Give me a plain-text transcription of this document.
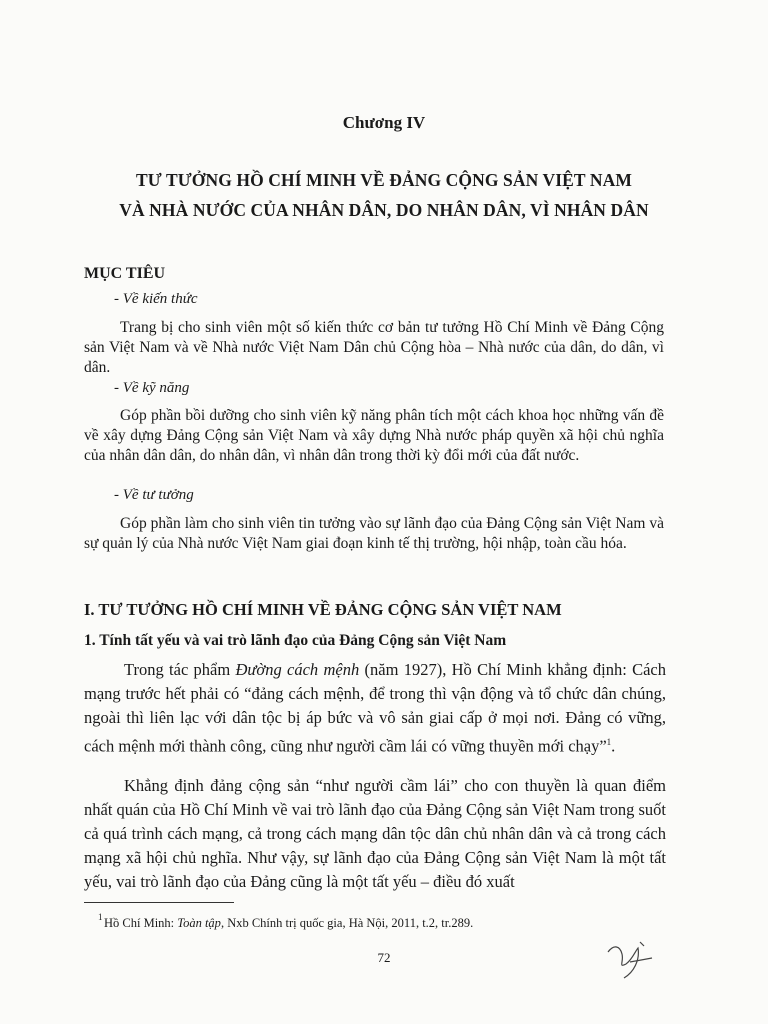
Chương IV
TƯ TƯỞNG HỒ CHÍ MINH VỀ ĐẢNG CỘNG SẢN VIỆT NAM
VÀ NHÀ NƯỚC CỦA NHÂN DÂN, DO NHÂN DÂN, VÌ NHÂN DÂN
MỤC TIÊU
- Về kiến thức

Trang bị cho sinh viên một số kiến thức cơ bản tư tưởng Hồ Chí Minh về Đảng Cộng sản Việt Nam và về Nhà nước Việt Nam Dân chủ Cộng hòa – Nhà nước của dân, do dân, vì dân.

- Về kỹ năng

Góp phần bồi dưỡng cho sinh viên kỹ năng phân tích một cách khoa học những vấn đề về xây dựng Đảng Cộng sản Việt Nam và xây dựng Nhà nước pháp quyền xã hội chủ nghĩa của nhân dân dân, do nhân dân, vì nhân dân trong thời kỳ đổi mới của đất nước.

- Về tư tưởng

Góp phần làm cho sinh viên tin tưởng vào sự lãnh đạo của Đảng Cộng sản Việt Nam và sự quản lý của Nhà nước Việt Nam giai đoạn kinh tế thị trường, hội nhập, toàn cầu hóa.

I. TƯ TƯỞNG HỒ CHÍ MINH VỀ ĐẢNG CỘNG SẢN VIỆT NAM
1. Tính tất yếu và vai trò lãnh đạo của Đảng Cộng sản Việt Nam

Trong tác phẩm Đường cách mệnh (năm 1927), Hồ Chí Minh khẳng định: Cách mạng trước hết phải có “đảng cách mệnh, để trong thì vận động và tổ chức dân chúng, ngoài thì liên lạc với dân tộc bị áp bức và vô sản giai cấp ở mọi nơi. Đảng có vững, cách mệnh mới thành công, cũng như người cầm lái có vững thuyền mới chạy”$^1$.

Khẳng định đảng cộng sản “như người cầm lái” cho con thuyền là quan điểm nhất quán của Hồ Chí Minh về vai trò lãnh đạo của Đảng Cộng sản Việt Nam trong suốt cả quá trình cách mạng, cả trong cách mạng dân tộc dân chủ nhân dân và cả trong cách mạng xã hội chủ nghĩa. Như vậy, sự lãnh đạo của Đảng Cộng sản Việt Nam là một tất yếu, vai trò lãnh đạo của Đảng cũng là một tất yếu – điều đó xuất

1 Hồ Chí Minh: Toàn tập, Nxb Chính trị quốc gia, Hà Nội, 2011, t.2, tr.289.
72
